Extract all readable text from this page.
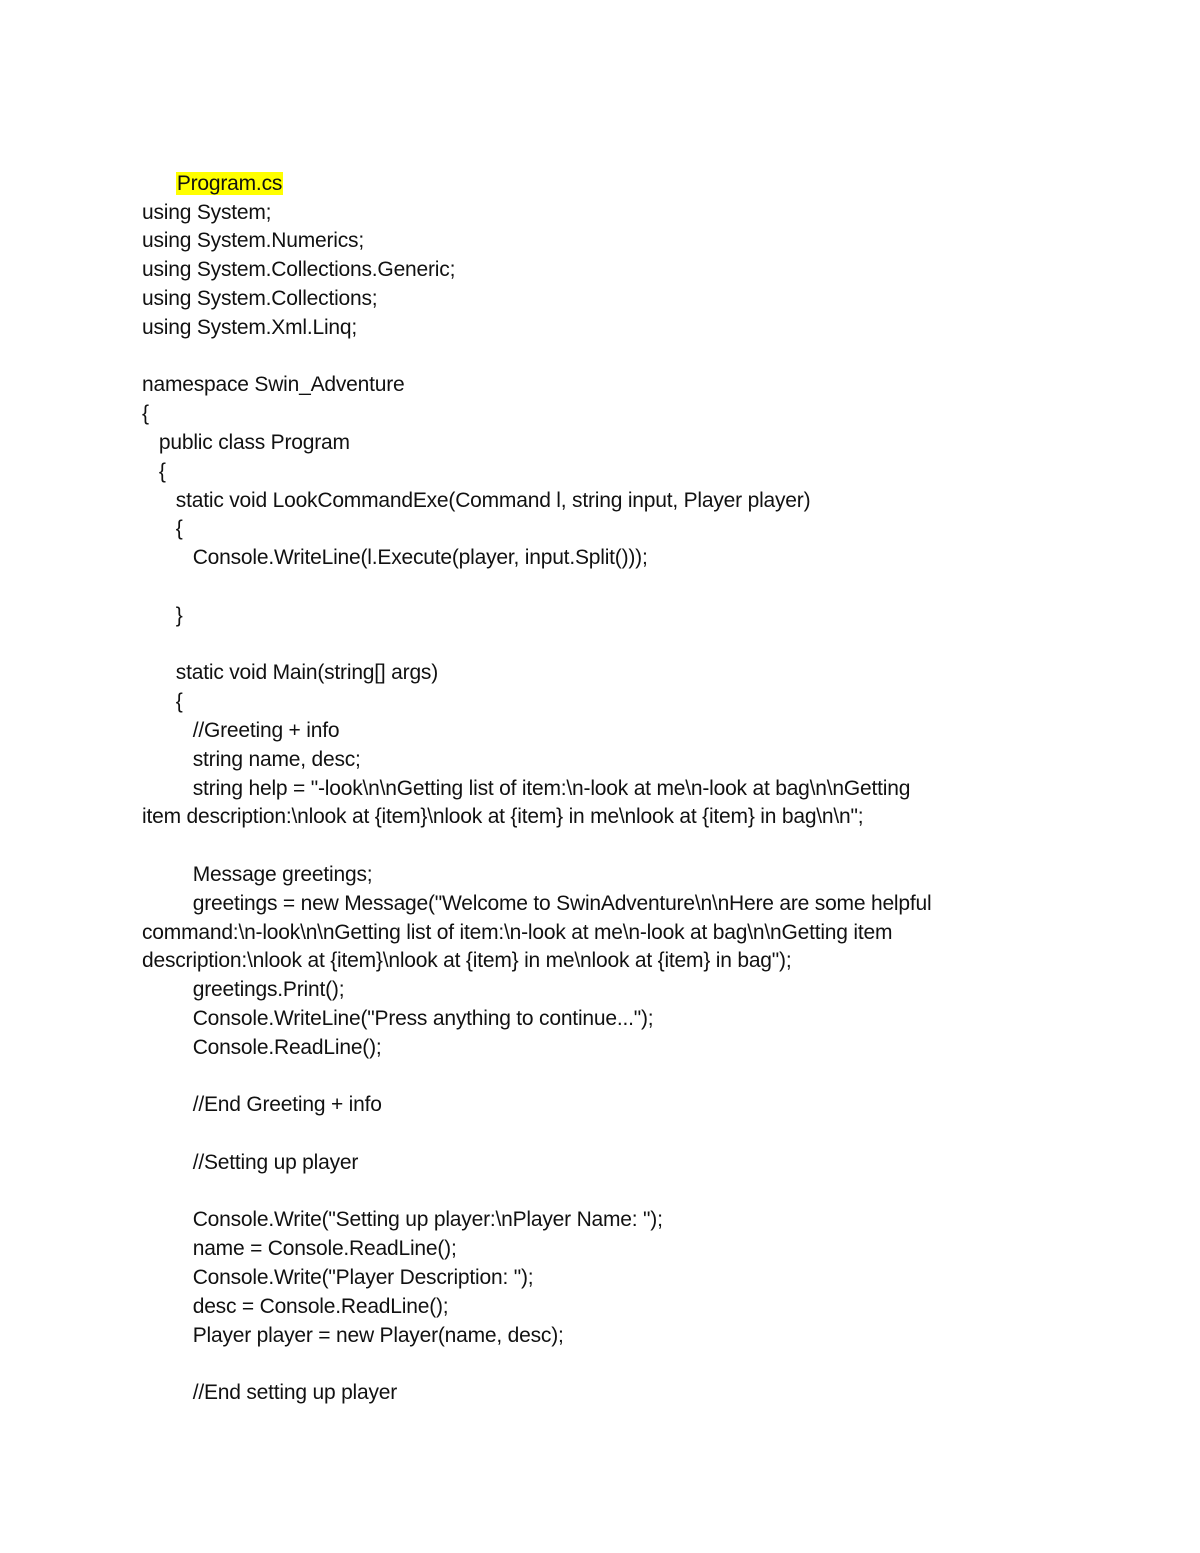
Program.cs

using System;
using System.Numerics;
using System.Collections.Generic;
using System.Collections;
using System.Xml.Linq;
namespace Swin_Adventure
{
public class Program
{
static void LookCommandExe(Command l, string input, Player player)
{
Console.WriteLine(l.Execute(player, input.Split()));
}
static void Main(string[] args)
{
//Greeting + info
string name, desc;
string help = "-look\n\nGetting list of item:\n-look at me\n-look at bag\n\nGetting
item description:\nlook at {item}\nlook at {item} in me\nlook at {item} in bag\n\n";
Message greetings;
greetings = new Message("Welcome to SwinAdventure\n\nHere are some helpful
command:\n-look\n\nGetting list of item:\n-look at me\n-look at bag\n\nGetting item
description:\nlook at {item}\nlook at {item} in me\nlook at {item} in bag");
greetings.Print();
Console.WriteLine("Press anything to continue...");
Console.ReadLine();
//End Greeting + info
//Setting up player
Console.Write("Setting up player:\nPlayer Name: ");
name = Console.ReadLine();
Console.Write("Player Description: ");
desc = Console.ReadLine();
Player player = new Player(name, desc);
//End setting up player
